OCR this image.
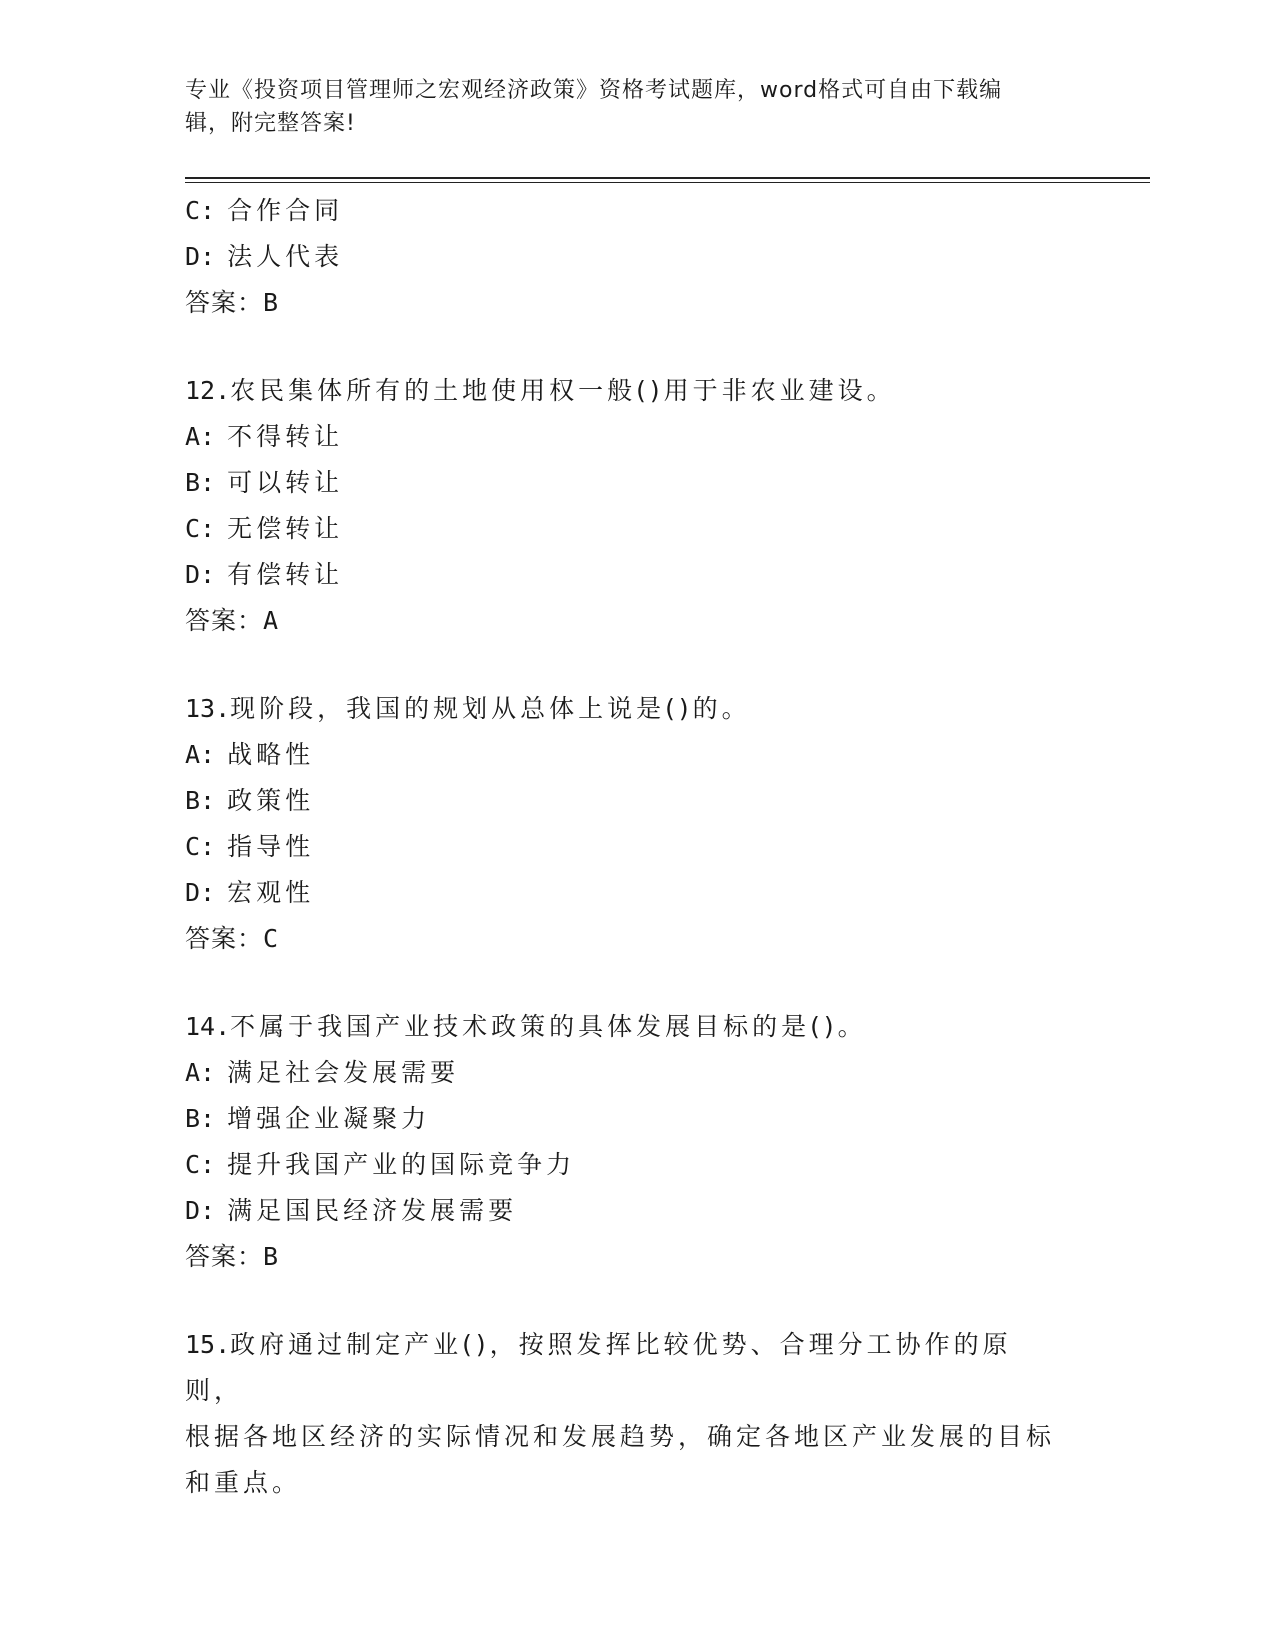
专业《投资项目管理师之宏观经济政策》资格考试题库，word格式可自由下载编
辑，附完整答案!
C: 合作合同
D: 法人代表
答案：B
12.农民集体所有的土地使用权一般()用于非农业建设。
A: 不得转让
B: 可以转让
C: 无偿转让
D: 有偿转让
答案：A
13.现阶段，我国的规划从总体上说是()的。
A: 战略性
B: 政策性
C: 指导性
D: 宏观性
答案：C
14.不属于我国产业技术政策的具体发展目标的是()。
A: 满足社会发展需要
B: 增强企业凝聚力
C: 提升我国产业的国际竞争力
D: 满足国民经济发展需要
答案：B
15.政府通过制定产业()，按照发挥比较优势、合理分工协作的原则，
根据各地区经济的实际情况和发展趋势，确定各地区产业发展的目标
和重点。
